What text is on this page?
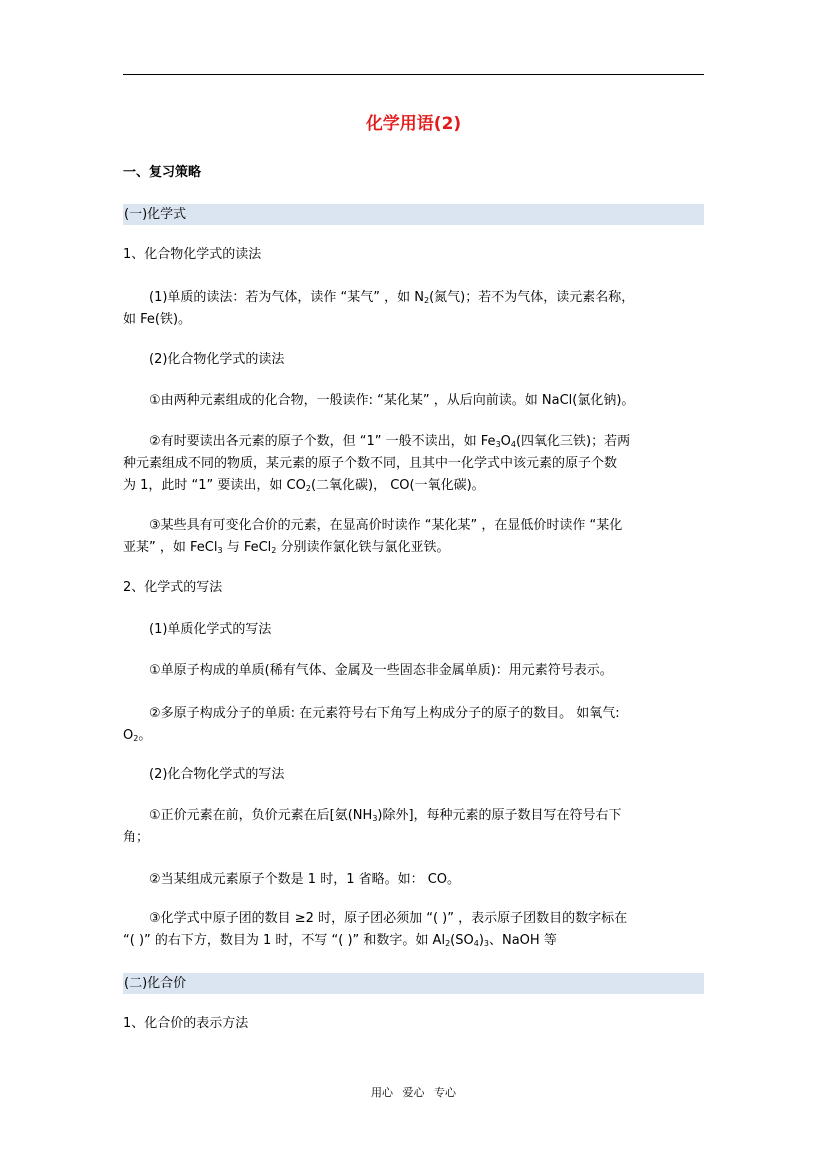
化学用语(2)
一、复习策略
(一)化学式
1、化合物化学式的读法
(1)单质的读法：若为气体，读作 “某气” ，如 $N_2$(氮气)；若不为气体，读元素名称，
如 Fe(铁)。
(2)化合物化学式的读法
①由两种元素组成的化合物，一般读作: “某化某” ，从后向前读。如 NaCl(氯化钠)。
②有时要读出各元素的原子个数，但 “1” 一般不读出，如 $Fe_3O_4$(四氧化三铁)；若两
种元素组成不同的物质，某元素的原子个数不同，且其中一化学式中该元素的原子个数
为 1，此时 “1” 要读出，如 $CO_2$(二氧化碳)， CO(一氧化碳)。
③某些具有可变化合价的元素，在显高价时读作 “某化某” ，在显低价时读作 “某化
亚某” ，如 FeCl$_3$ 与 FeCl$_2$ 分别读作氯化铁与氯化亚铁。
2、化学式的写法
(1)单质化学式的写法
①单原子构成的单质(稀有气体、金属及一些固态非金属单质)：用元素符号表示。
②多原子构成分子的单质: 在元素符号右下角写上构成分子的原子的数目。 如氧气:
$O_2$。
(2)化合物化学式的写法
①正价元素在前，负价元素在后[氨$(NH_3)$除外]，每种元素的原子数目写在符号右下
角；
②当某组成元素原子个数是 1 时，1 省略。如： CO。
③化学式中原子团的数目 ≥2 时，原子团必须加 “( )” ，表示原子团数目的数字标在
“( )” 的右下方，数目为 1 时，不写 “( )” 和数字。如 $Al_2(SO_4)_3$、NaOH 等
(二)化合价
1、化合价的表示方法
用心 爱心 专心
